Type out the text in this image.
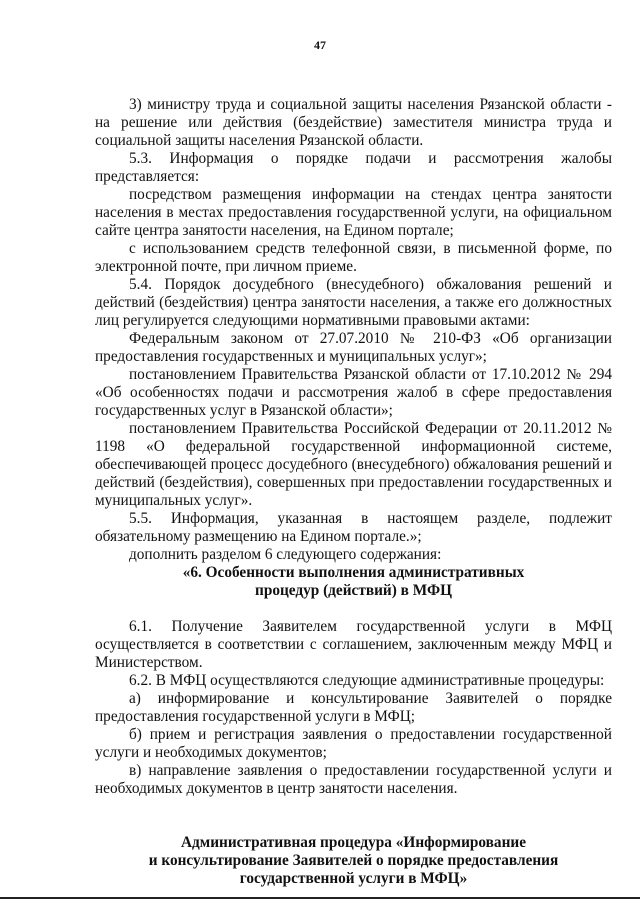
47

3) министру труда и социальной защиты населения Рязанской области - на решение или действия (бездействие) заместителя министра труда и социальной защиты населения Рязанской области.

5.3. Информация о порядке подачи и рассмотрения жалобы представляется:

посредством размещения информации на стендах центра занятости населения в местах предоставления государственной услуги, на официальном сайте центра занятости населения, на Едином портале;

с использованием средств телефонной связи, в письменной форме, по электронной почте, при личном приеме.

5.4. Порядок досудебного (внесудебного) обжалования решений и действий (бездействия) центра занятости населения, а также его должностных лиц регулируется следующими нормативными правовыми актами:

Федеральным законом от 27.07.2010 № 210-ФЗ «Об организации предоставления государственных и муниципальных услуг»;

постановлением Правительства Рязанской области от 17.10.2012 № 294 «Об особенностях подачи и рассмотрения жалоб в сфере предоставления государственных услуг в Рязанской области»;

постановлением Правительства Российской Федерации от 20.11.2012 № 1198 «О федеральной государственной информационной системе, обеспечивающей процесс досудебного (внесудебного) обжалования решений и действий (бездействия), совершенных при предоставлении государственных и муниципальных услуг».

5.5. Информация, указанная в настоящем разделе, подлежит обязательному размещению на Едином портале.»;

дополнить разделом 6 следующего содержания:

«6. Особенности выполнения административных

процедур (действий) в МФЦ

6.1. Получение Заявителем государственной услуги в МФЦ осуществляется в соответствии с соглашением, заключенным между МФЦ и Министерством.

6.2. В МФЦ осуществляются следующие административные процедуры:

а) информирование и консультирование Заявителей о порядке предоставления государственной услуги в МФЦ;

б) прием и регистрация заявления о предоставлении государственной услуги и необходимых документов;

в) направление заявления о предоставлении государственной услуги и необходимых документов в центр занятости населения.

Административная процедура «Информирование

и консультирование Заявителей о порядке предоставления

государственной услуги в МФЦ»
